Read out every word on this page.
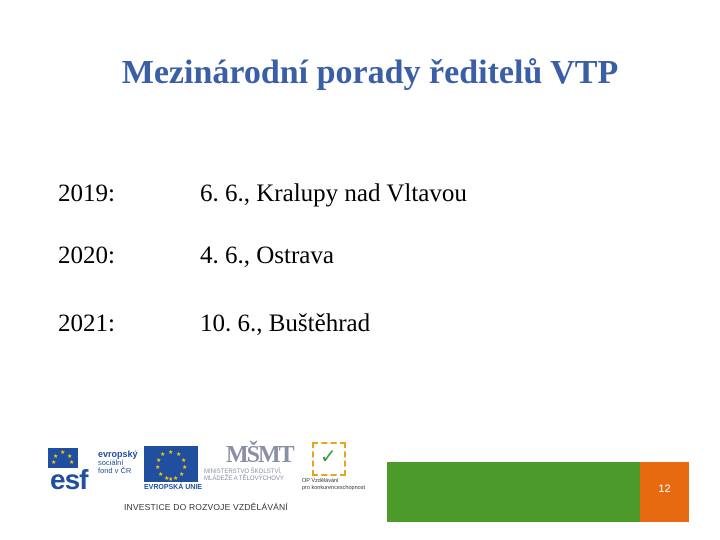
Mezinárodní porady ředitelů VTP
2019:	6. 6., Kralupy nad Vltavou
2020:	4. 6., Ostrava
2021:	10. 6., Buštěhrad
★
★ ★
★ ★
esf
evropský
sociální
fond v ČR
★ ★
★
★
★
★
★
★
★
★
★
★
EVROPSKÁ UNIE
MŠMT
MINISTERSTVO ŠKOLSTVÍ,
MLÁDEŽE A TĚLOVÝCHOVY
✓
OP Vzdělávání
pro konkurenceschopnost
INVESTICE DO ROZVOJE VZDĚLÁVÁNÍ
12
